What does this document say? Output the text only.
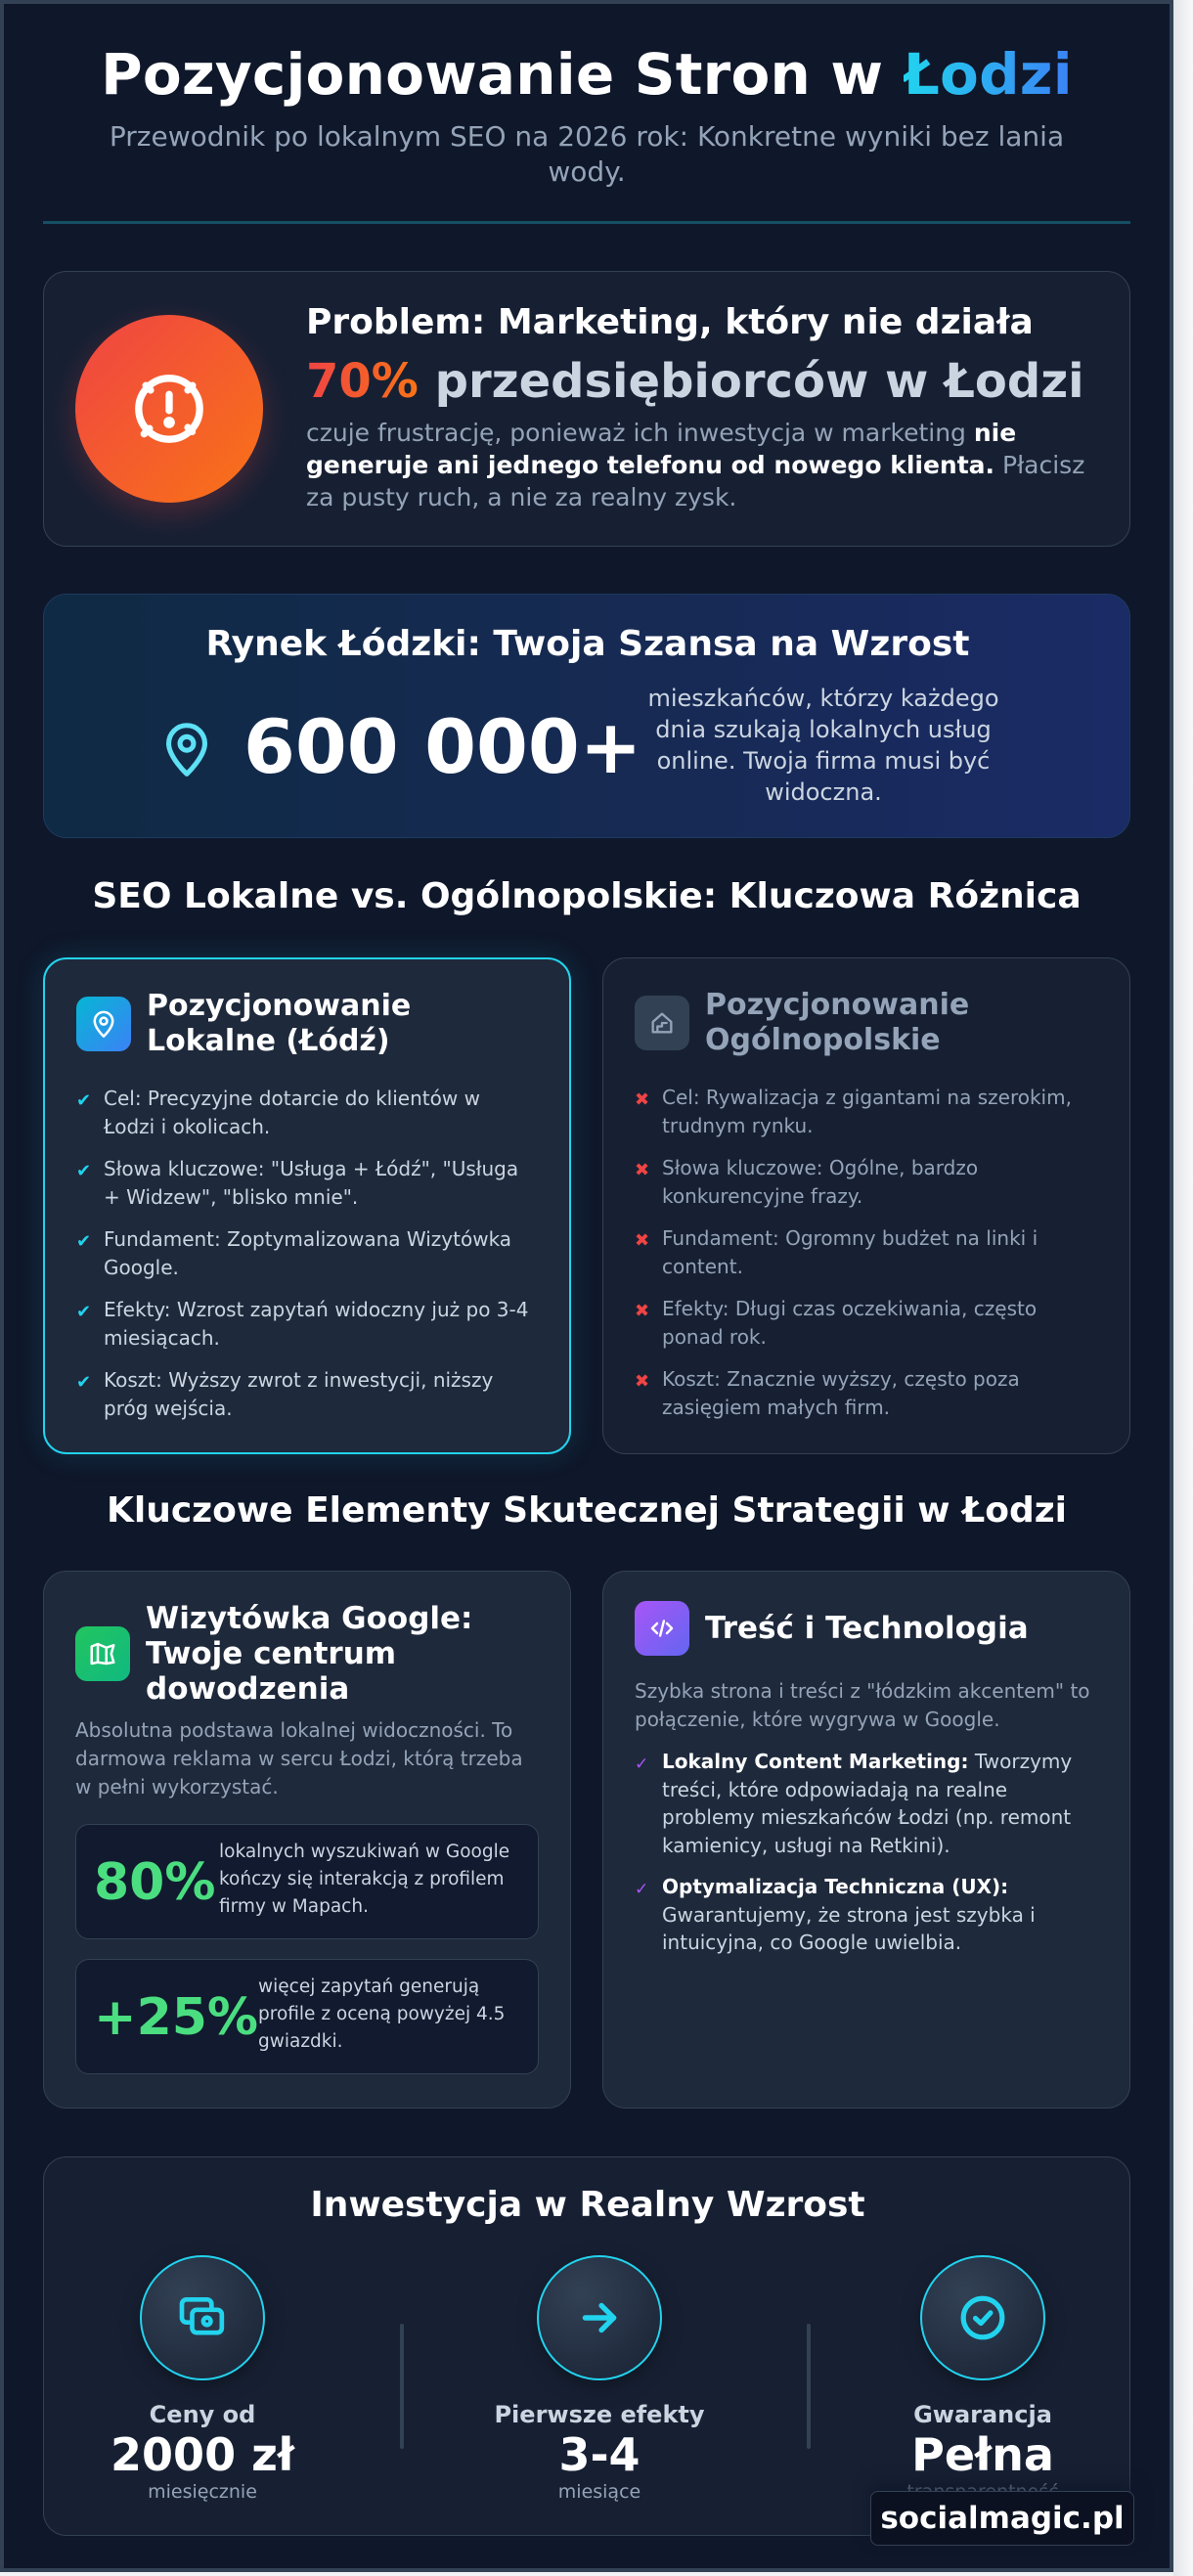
Pozycjonowanie Stron w Łodzi

Przewodnik po lokalnym SEO na 2026 rok: Konkretne wyniki bez lania wody.

Problem: Marketing, który nie działa
70% przedsiębiorców w Łodzi

czuje frustrację, ponieważ ich inwestycja w marketing nie generuje ani jednego telefonu od nowego klienta. Płacisz za pusty ruch, a nie za realny zysk.

Rynek Łódzki: Twoja Szansa na Wzrost
600 000+

mieszkańców, którzy każdego dnia szukają lokalnych usług online. Twoja firma musi być widoczna.

SEO Lokalne vs. Ogólnopolskie: Kluczowa Różnica
Pozycjonowanie Lokalne (Łódź)
✔ Cel: Precyzyjne dotarcie do klientów w Łodzi i okolicach.
✔ Słowa kluczowe: "Usługa + Łódź", "Usługa + Widzew", "blisko mnie".
✔ Fundament: Zoptymalizowana Wizytówka Google.
✔ Efekty: Wzrost zapytań widoczny już po 3-4 miesiącach.
✔ Koszt: Wyższy zwrot z inwestycji, niższy próg wejścia.
Pozycjonowanie Ogólnopolskie
✖ Cel: Rywalizacja z gigantami na szerokim, trudnym rynku.
✖ Słowa kluczowe: Ogólne, bardzo konkurencyjne frazy.
✖ Fundament: Ogromny budżet na linki i content.
✖ Efekty: Długi czas oczekiwania, często ponad rok.
✖ Koszt: Znacznie wyższy, często poza zasięgiem małych firm.
Kluczowe Elementy Skutecznej Strategii w Łodzi
Wizytówka Google: Twoje centrum dowodzenia

Absolutna podstawa lokalnej widoczności. To darmowa reklama w sercu Łodzi, którą trzeba w pełni wykorzystać.

80%
lokalnych wyszukiwań w Google kończy się interakcją z profilem firmy w Mapach.
+25%
więcej zapytań generują profile z oceną powyżej 4.5 gwiazdki.
Treść i Technologia

Szybka strona i treści z "łódzkim akcentem" to połączenie, które wygrywa w Google.

✓ Lokalny Content Marketing: Tworzymy treści, które odpowiadają na realne problemy mieszkańców Łodzi (np. remont kamienicy, usługi na Retkini).
✓ Optymalizacja Techniczna (UX): Gwarantujemy, że strona jest szybka i intuicyjna, co Google uwielbia.
Inwestycja w Realny Wzrost
Ceny od
2000 zł
miesięcznie
Pierwsze efekty
3-4
miesiące
Gwarancja
Pełna
socialmagic.pl
